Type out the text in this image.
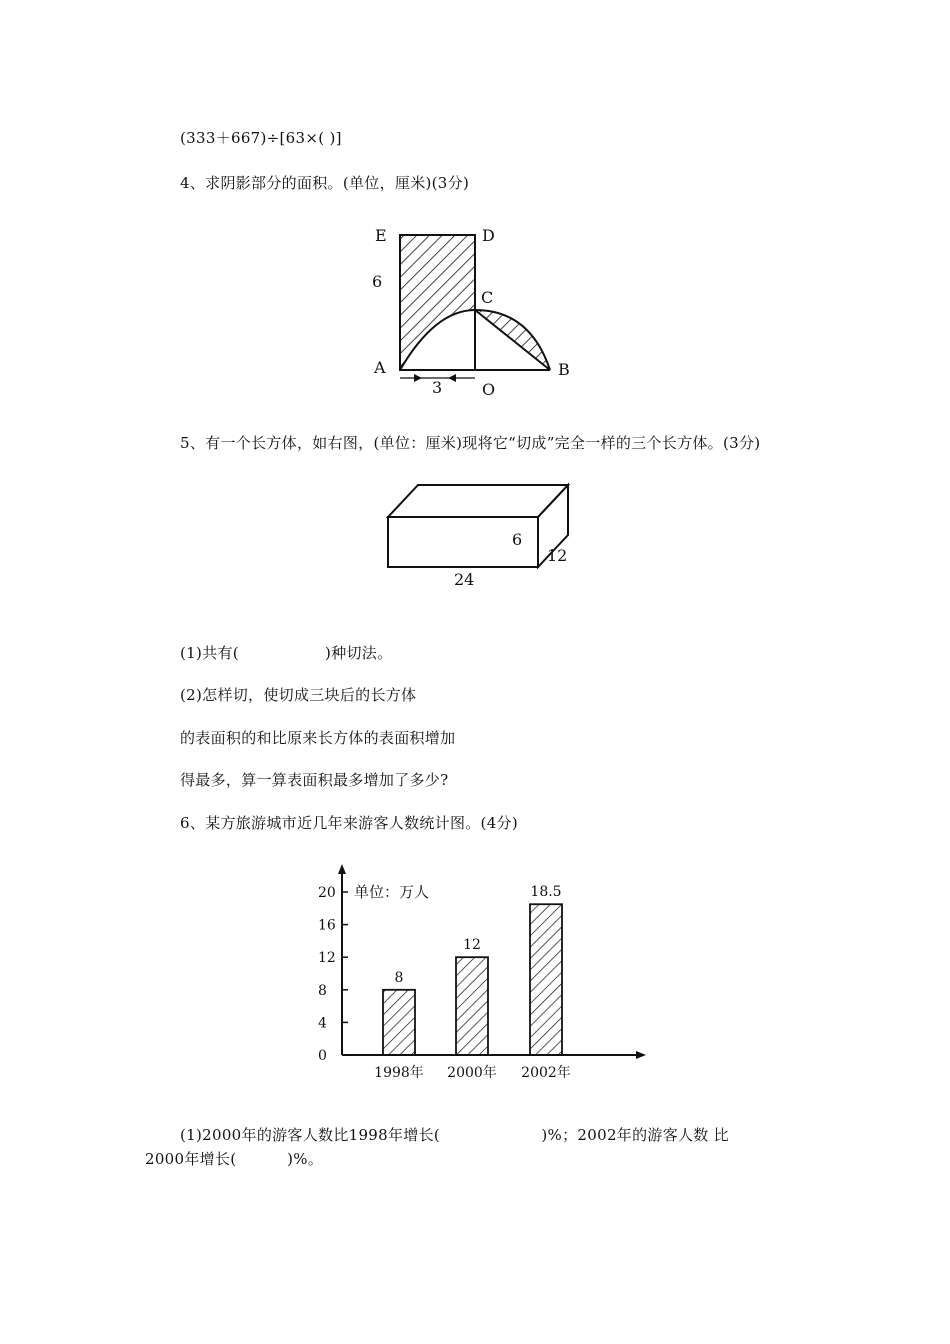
(333＋667)÷[63×( )]
4、求阴影部分的面积。(单位，厘米)(3分)
E	D
C
A	B
O
6
3
5、有一个长方体，如右图，(单位：厘米)现将它“切成”完全一样的三个长方体。(3分)
6
12
24
(1)共有(                 )种切法。
(2)怎样切，使切成三块后的长方体
的表面积的和比原来长方体的表面积增加
得最多，算一算表面积最多增加了多少?
6、某方旅游城市近几年来游客人数统计图。(4分)
0
4
8
12
16
20 单位：万人
8
1998年
12
2000年
18.5
2002年
(1)2000年的游客人数比1998年增长(                    )%；2002年的游客人数 比
2000年增长(          )%。
